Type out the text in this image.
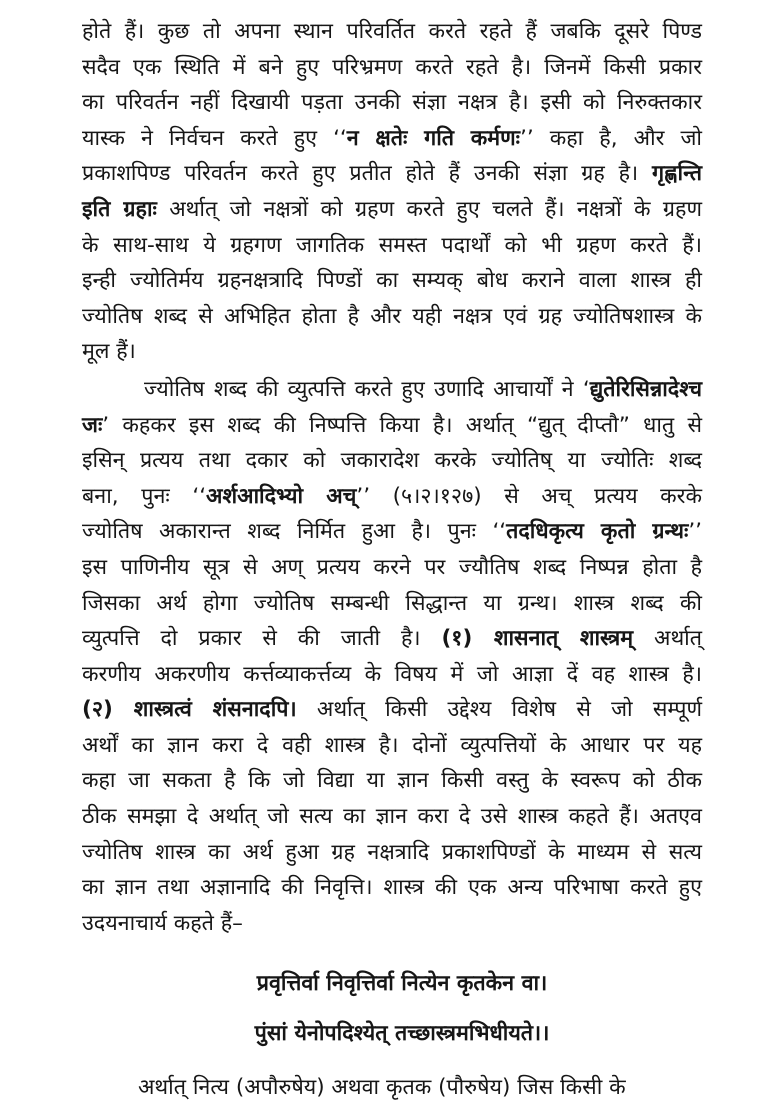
होते हैं। कुछ तो अपना स्थान परिवर्तित करते रहते हैं जबकि दूसरे पिण्ड
सदैव एक स्थिति में बने हुए परिभ्रमण करते रहते है। जिनमें किसी प्रकार
का परिवर्तन नहीं दिखायी पड़ता उनकी संज्ञा नक्षत्र है। इसी को निरुक्तकार
यास्क ने निर्वचन करते हुए ‘‘न क्षतेः गति कर्मणः’’ कहा है, और जो
प्रकाशपिण्ड परिवर्तन करते हुए प्रतीत होते हैं उनकी संज्ञा ग्रह है। गृह्णन्ति
इति ग्रहाः अर्थात् जो नक्षत्रों को ग्रहण करते हुए चलते हैं। नक्षत्रों के ग्रहण
के साथ-साथ ये ग्रहगण जागतिक समस्त पदार्थों को भी ग्रहण करते हैं।
इन्ही ज्योतिर्मय ग्रहनक्षत्रादि पिण्डों का सम्यक् बोध कराने वाला शास्त्र ही
ज्योतिष शब्द से अभिहित होता है और यही नक्षत्र एवं ग्रह ज्योतिषशास्त्र के
मूल हैं।
ज्योतिष शब्द की व्युत्पत्ति करते हुए उणादि आचार्यों ने ‘द्युतेरिसिन्नादेश्च
जः’ कहकर इस शब्द की निष्पत्ति किया है। अर्थात् “द्युत् दीप्तौ” धातु से
इसिन् प्रत्यय तथा दकार को जकारादेश करके ज्योतिष् या ज्योतिः शब्द
बना, पुनः ‘‘अर्शआदिभ्यो अच्’’ (५।२।१२७) से अच् प्रत्यय करके
ज्योतिष अकारान्त शब्द निर्मित हुआ है। पुनः ‘‘तदधिकृत्य कृतो ग्रन्थः’’
इस पाणिनीय सूत्र से अण् प्रत्यय करने पर ज्यौतिष शब्द निष्पन्न होता है
जिसका अर्थ होगा ज्योतिष सम्बन्धी सिद्धान्त या ग्रन्थ। शास्त्र शब्द की
व्युत्पत्ति दो प्रकार से की जाती है। (१) शासनात् शास्त्रम् अर्थात्
करणीय अकरणीय कर्त्तव्याकर्त्तव्य के विषय में जो आज्ञा दें वह शास्त्र है।
(२) शास्त्रत्वं शंसनादपि। अर्थात् किसी उद्देश्य विशेष से जो सम्पूर्ण
अर्थों का ज्ञान करा दे वही शास्त्र है। दोनों व्युत्पत्तियों के आधार पर यह
कहा जा सकता है कि जो विद्या या ज्ञान किसी वस्तु के स्वरूप को ठीक
ठीक समझा दे अर्थात् जो सत्य का ज्ञान करा दे उसे शास्त्र कहते हैं। अतएव
ज्योतिष शास्त्र का अर्थ हुआ ग्रह नक्षत्रादि प्रकाशपिण्डों के माध्यम से सत्य
का ज्ञान तथा अज्ञानादि की निवृत्ति। शास्त्र की एक अन्य परिभाषा करते हुए
उदयनाचार्य कहते हैं–
प्रवृत्तिर्वा निवृत्तिर्वा नित्येन कृतकेन वा।
पुंसां येनोपदिश्येत् तच्छास्त्रमभिधीयते।।
अर्थात् नित्य (अपौरुषेय) अथवा कृतक (पौरुषेय) जिस किसी के
